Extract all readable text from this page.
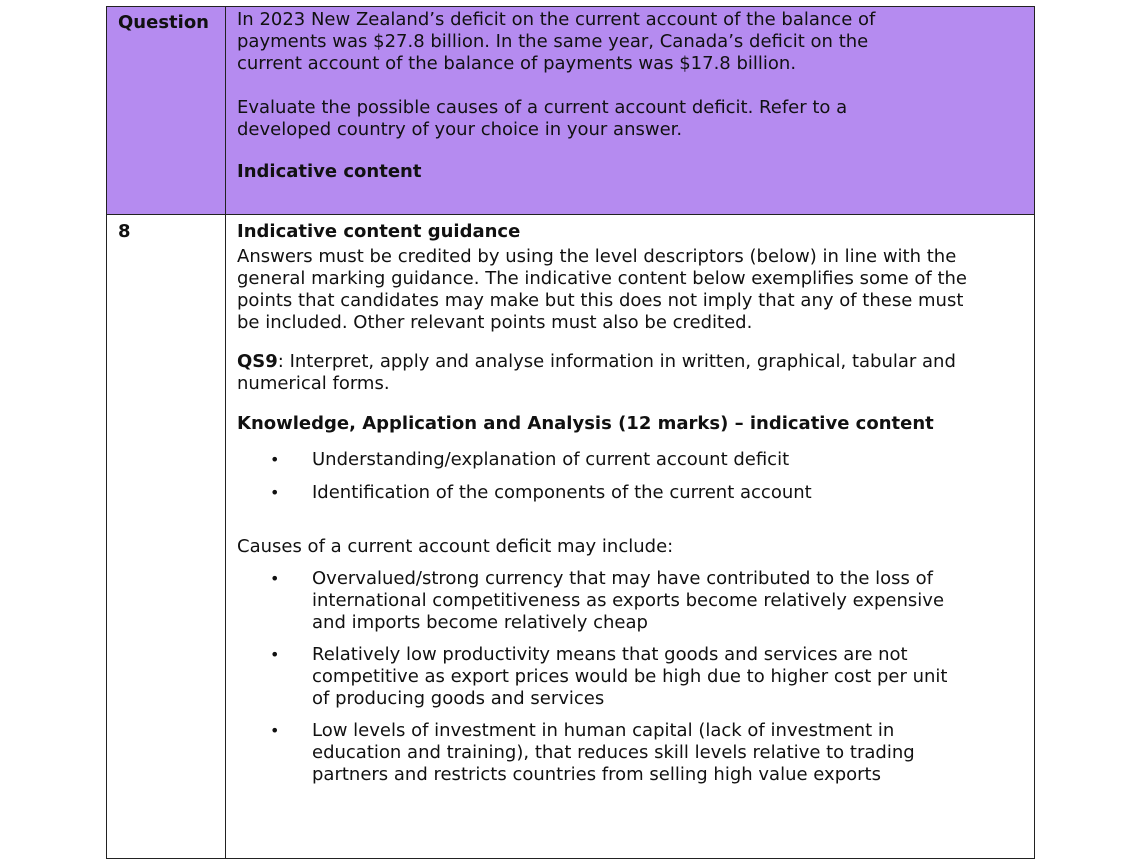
Question In 2023 New Zealand’s deficit on the current account of the balance of
payments was $27.8 billion. In the same year, Canada’s deficit on the
current account of the balance of payments was $17.8 billion.

Evaluate the possible causes of a current account deficit. Refer to a
developed country of your choice in your answer.

Indicative content

8	Indicative content guidance

Answers must be credited by using the level descriptors (below) in line with the
general marking guidance. The indicative content below exemplifies some of the
points that candidates may make but this does not imply that any of these must
be included. Other relevant points must also be credited.

QS9: Interpret, apply and analyse information in written, graphical, tabular and
numerical forms.

Knowledge, Application and Analysis (12 marks) – indicative content

• Understanding/explanation of current account deficit
• Identification of the components of the current account

Causes of a current account deficit may include:

• Overvalued/strong currency that may have contributed to the loss of
international competitiveness as exports become relatively expensive
and imports become relatively cheap
• Relatively low productivity means that goods and services are not
competitive as export prices would be high due to higher cost per unit
of producing goods and services
• Low levels of investment in human capital (lack of investment in
education and training), that reduces skill levels relative to trading
partners and restricts countries from selling high value exports
